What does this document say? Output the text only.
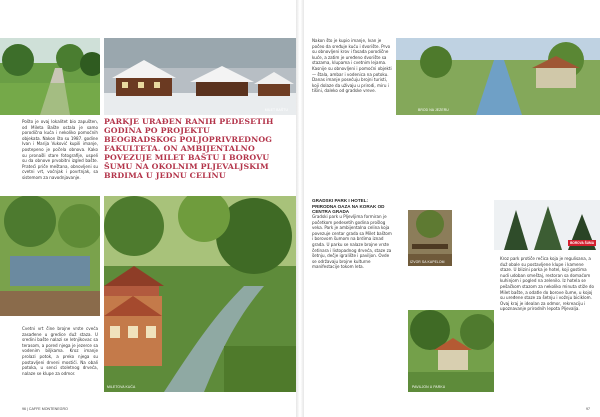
MILET BAŠTU
Pošto je ovaj lokalitet bio zapušten, od Mileta Bašte ostala je samo porodična kuća i nekoliko pomoćnih objekata. Nakon što su 1987. godine Ivan i Marija Vuković kupili imanje, postepeno je počela obnova. Kako su pronašli stare fotografije, uspeli su da obnove prvobitni izgled bašte. Prateći priče meštana, obnovljeni su cvetni vrt, voćnjak i povrtnjak, sa sistemom za navodnjavanje.
PARKJE URAĐEN RANIH PEDESETIH GODINA PO PROJEKTU BEOGRADSKOG POLJOPRIVREDNOG FAKULTETA. ON AMBIJENTALNO POVEZUJE MILET BAŠTU I BOROVU ŠUMU NA OKOLNIM PLJEVALJSKIM BRDIMA U JEDNU CELINU
MILETOVA KUĆA
Cvetni vrt čine brojne vrste cveća zasađene u gredice duž staza. U sredini bašte nalazi se letnjikovac sa terasom, a pored njega je jezerce sa vodenim biljkama. Kroz imanje prolazi potok, a preko njega su postavljeni drveni mostići. Na obali potoka, u senci stoletnog drveća, nalaze se klupe za odmor.
96 | CAFFE MONTENEGRO
Nakon što je kupio imanje, Ivan je počeo da sređuje kuću i dvorište. Prvo su obnovljeni krov i fasada porodične kuće, a zatim je uređeno dvorište sa stazama, klupama i cvetnim lejama. Kasnije su obnovljeni i pomoćni objekti — štala, ambar i vodenica na potoku. Danas imanje posećuju brojni turisti, koji dolaze da uživaju u prirodi, miru i tišini, daleko od gradske vreve.
BROD NA JEZERU
GRADSKI PARK I HOTEL: PRIRODNA OAZA NA KORAK OD CENTRA GRADA
Gradski park u Pljevljima formiran je početkom pedesetih godina prošlog veka. Park je ambijentalna celina koja povezuje centar grada sa Milet baštom i borovom šumom na brdima iznad grada. U parku se nalaze brojne vrste četinara i listopadnog drveća, staze za šetnju, dečje igralište i paviljon. Ovde se održavaju brojne kulturne manifestacije tokom leta.
IZVOR SA KAPELOM
BOROVA ŠUMA
Kroz park protiče rečica koja je regulisana, a duž obale su postavljene klupe i kamene staze. U blizini parka je hotel, koji gostima nudi udoban smeštaj, restoran sa domaćom kuhinjom i pogled na zelenilo. Iz hotela se pešačkom stazom za nekoliko minuta stiže do Milet bašte, a odatle do borove šume, u kojoj su uređene staze za šetnju i vožnju biciklom. Ovaj kraj je idealan za odmor, rekreaciju i upoznavanje prirodnih lepota Pljevalja.
PAVILJON U PARKU
97
